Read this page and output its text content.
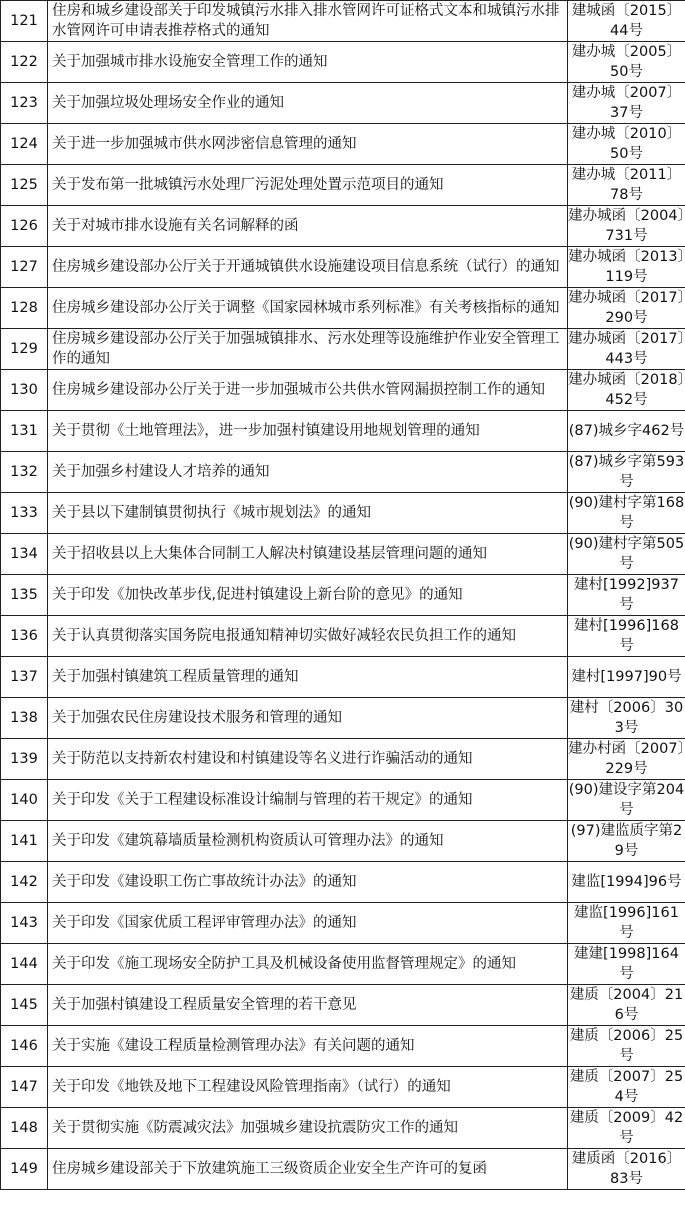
121	住房和城乡建设部关于印发城镇污水排入排水管网许可证格式文本和城镇污水排水管网许可申请表推荐格式的通知	建城函〔2015〕44号
122	关于加强城市排水设施安全管理工作的通知	建办城〔2005〕50号
123	关于加强垃圾处理场安全作业的通知	建办城〔2007〕37号
124	关于进一步加强城市供水网涉密信息管理的通知	建办城〔2010〕50号
125	关于发布第一批城镇污水处理厂污泥处理处置示范项目的通知	建办城〔2011〕78号
126	关于对城市排水设施有关名词解释的函	建办城函〔2004〕731号
127	住房城乡建设部办公厅关于开通城镇供水设施建设项目信息系统（试行）的通知	建办城函〔2013〕119号
128	住房城乡建设部办公厅关于调整《国家园林城市系列标准》有关考核指标的通知	建办城函〔2017〕290号
129	住房城乡建设部办公厅关于加强城镇排水、污水处理等设施维护作业安全管理工作的通知	建办城函〔2017〕443号
130	住房城乡建设部办公厅关于进一步加强城市公共供水管网漏损控制工作的通知	建办城函〔2018〕452号
131	关于贯彻《土地管理法》，进一步加强村镇建设用地规划管理的通知	(87)城乡字462号
132	关于加强乡村建设人才培养的通知	(87)城乡字第593号
133	关于县以下建制镇贯彻执行《城市规划法》的通知	(90)建村字第168号
134	关于招收县以上大集体合同制工人解决村镇建设基层管理问题的通知	(90)建村字第505号
135	关于印发《加快改革步伐,促进村镇建设上新台阶的意见》的通知	建村[1992]937号
136	关于认真贯彻落实国务院电报通知精神切实做好减轻农民负担工作的通知	建村[1996]168号
137	关于加强村镇建筑工程质量管理的通知	建村[1997]90号
138	关于加强农民住房建设技术服务和管理的通知	建村〔2006〕303号
139	关于防范以支持新农村建设和村镇建设等名义进行诈骗活动的通知	建办村函〔2007〕229号
140	关于印发《关于工程建设标准设计编制与管理的若干规定》的通知	(90)建设字第204号
141	关于印发《建筑幕墙质量检测机构资质认可管理办法》的通知	(97)建监质字第29号
142	关于印发《建设职工伤亡事故统计办法》的通知	建监[1994]96号
143	关于印发《国家优质工程评审管理办法》的通知	建监[1996]161号
144	关于印发《施工现场安全防护工具及机械设备使用监督管理规定》的通知	建建[1998]164号
145	关于加强村镇建设工程质量安全管理的若干意见	建质〔2004〕216号
146	关于实施《建设工程质量检测管理办法》有关问题的通知	建质〔2006〕25号
147	关于印发《地铁及地下工程建设风险管理指南》（试行）的通知	建质〔2007〕254号
148	关于贯彻实施《防震减灾法》加强城乡建设抗震防灾工作的通知	建质〔2009〕42号
149	住房城乡建设部关于下放建筑施工三级资质企业安全生产许可的复函	建质函〔2016〕83号
